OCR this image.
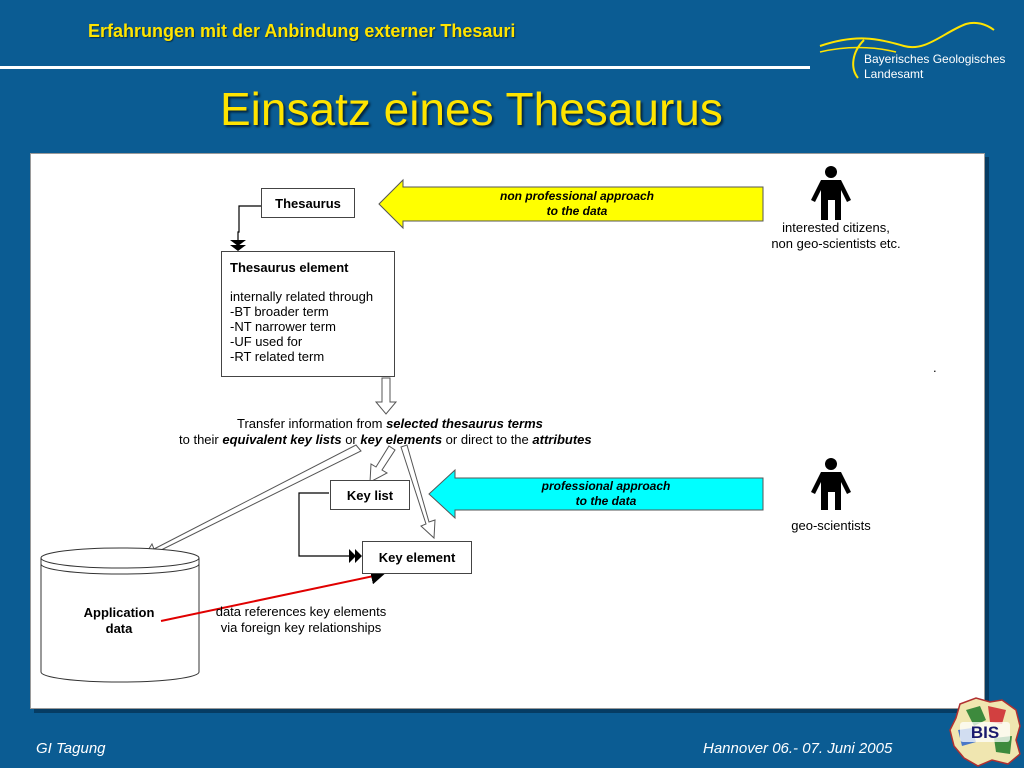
Erfahrungen mit der Anbindung externer Thesauri
Bayerisches Geologisches
Landesamt
Einsatz eines Thesaurus
Thesaurus	non professional approach
to the data
interested citizens,
non geo-scientists etc.
Thesaurus element
internally related through
-BT broader term
-NT narrower term
-UF used for
-RT related term
.
Transfer information from selected thesaurus terms
to their equivalent key lists or key elements or direct to the attributes
Key list
professional approach
to the data
geo-scientists
Key element
Application
data
data references key elements
via foreign key relationships
GI Tagung	Hannover 06.- 07. Juni 2005
BIS
